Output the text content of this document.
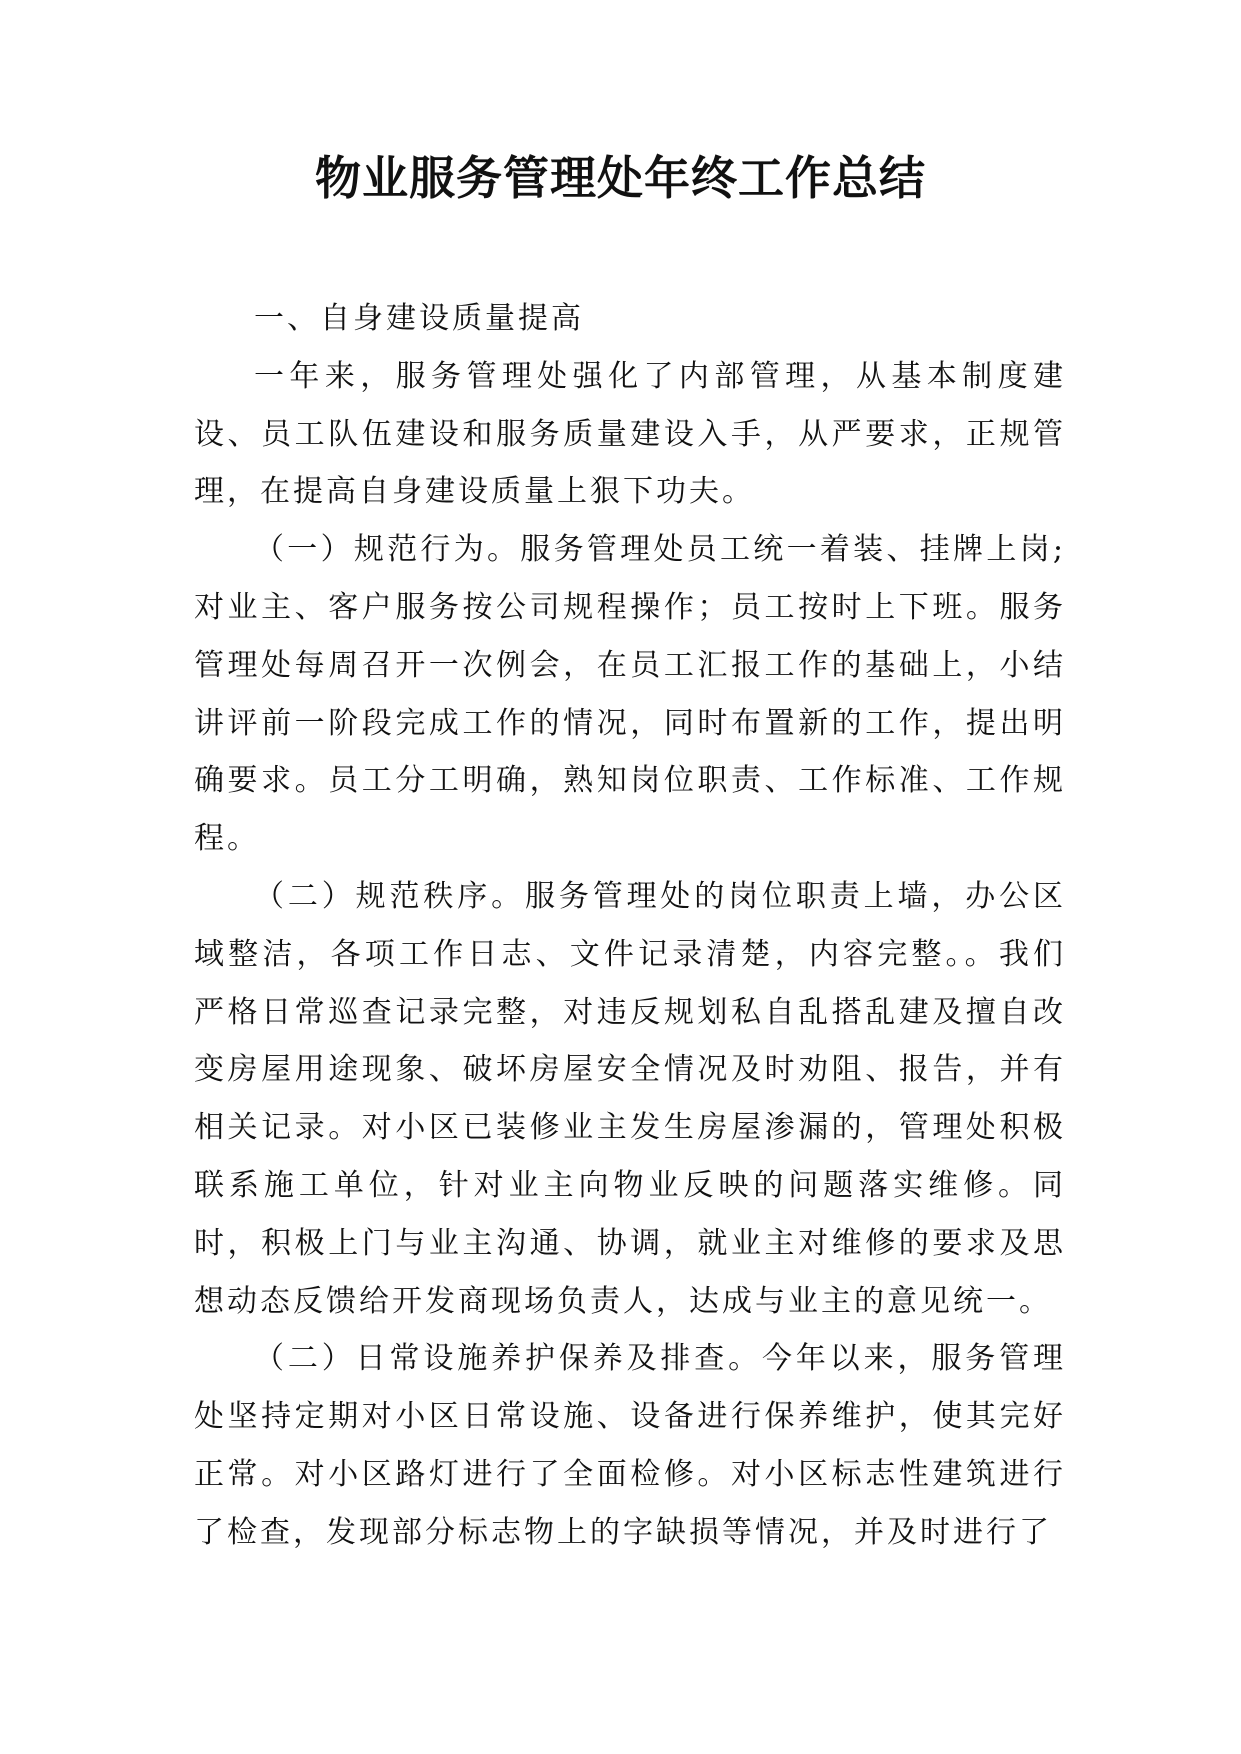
物业服务管理处年终工作总结
一、自身建设质量提高

一年来，服务管理处强化了内部管理，从基本制度建设、员工队伍建设和服务质量建设入手，从严要求，正规管理，在提高自身建设质量上狠下功夫。

（一）规范行为。服务管理处员工统一着装、挂牌上岗;对业主、客户服务按公司规程操作；员工按时上下班。服务管理处每周召开一次例会，在员工汇报工作的基础上，小结讲评前一阶段完成工作的情况，同时布置新的工作，提出明确要求。员工分工明确，熟知岗位职责、工作标准、工作规程。

（二）规范秩序。服务管理处的岗位职责上墙，办公区域整洁，各项工作日志、文件记录清楚，内容完整。。我们严格日常巡查记录完整，对违反规划私自乱搭乱建及擅自改变房屋用途现象、破坏房屋安全情况及时劝阻、报告，并有相关记录。对小区已装修业主发生房屋渗漏的，管理处积极联系施工单位，针对业主向物业反映的问题落实维修。同时，积极上门与业主沟通、协调，就业主对维修的要求及思想动态反馈给开发商现场负责人，达成与业主的意见统一。

（二）日常设施养护保养及排查。今年以来，服务管理处坚持定期对小区日常设施、设备进行保养维护，使其完好正常。对小区路灯进行了全面检修。对小区标志性建筑进行了检查，发现部分标志物上的字缺损等情况，并及时进行了
